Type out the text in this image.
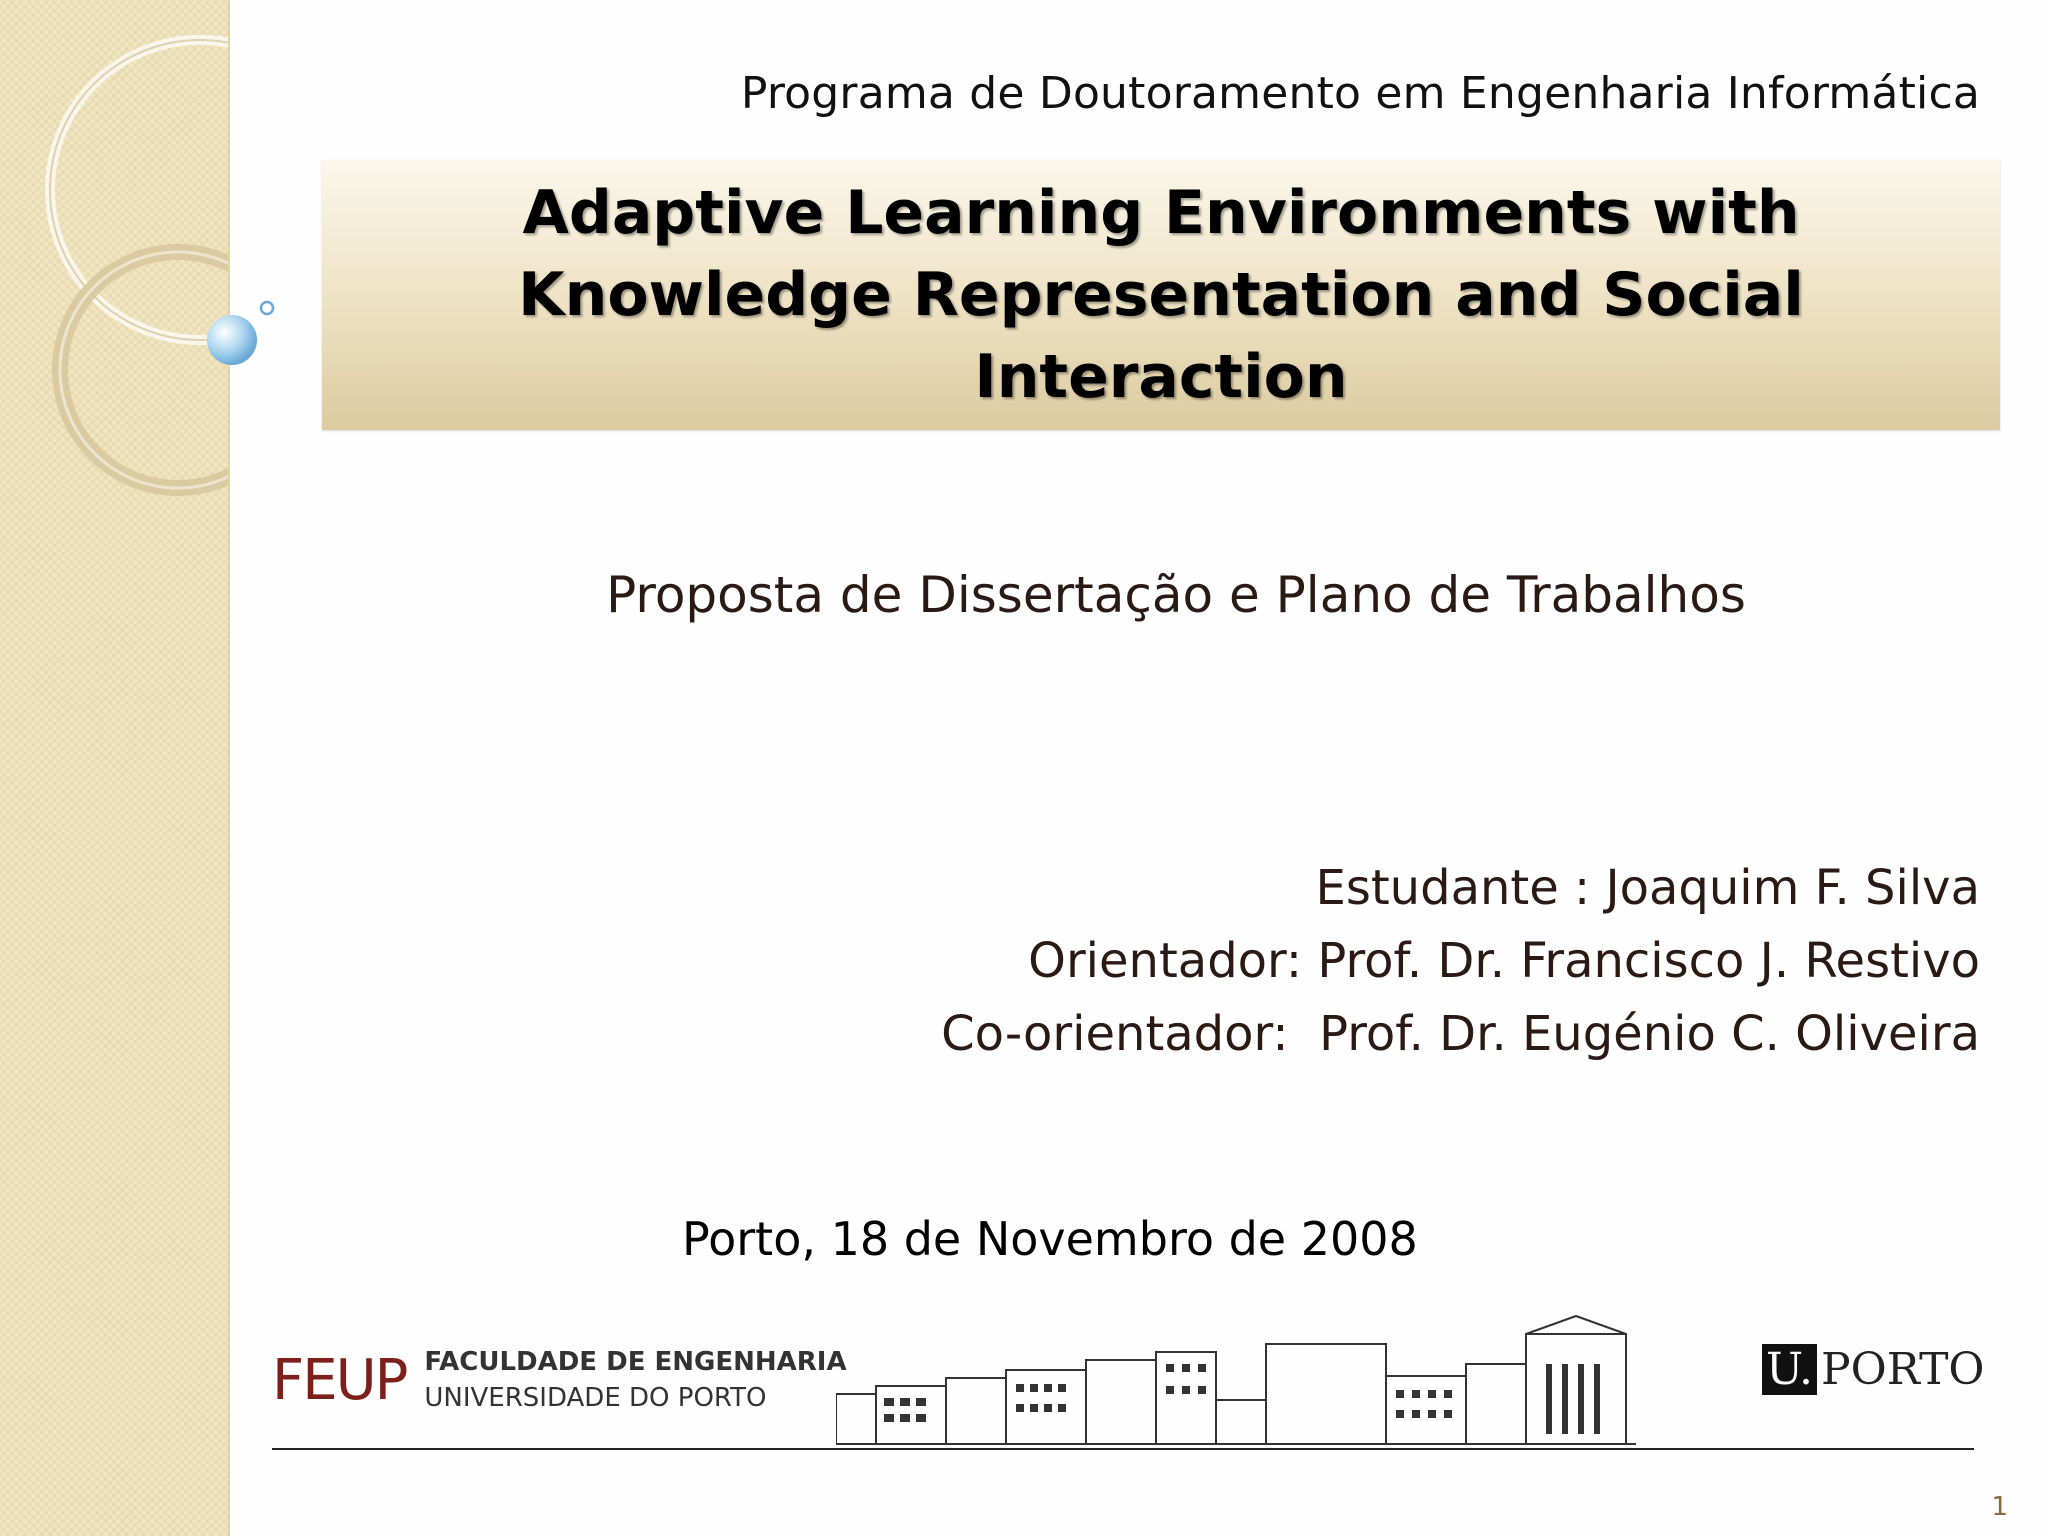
Programa de Doutoramento em Engenharia Informática
Adaptive Learning Environments with
Knowledge Representation and Social
Interaction
Proposta de Dissertação e Plano de Trabalhos
Estudante : Joaquim F. Silva
Orientador: Prof. Dr. Francisco J. Restivo
Co-orientador:  Prof. Dr. Eugénio C. Oliveira
Porto, 18 de Novembro de 2008
FEUP FACULDADE DE ENGENHARIA
UNIVERSIDADE DO PORTO
U. PORTO
1
